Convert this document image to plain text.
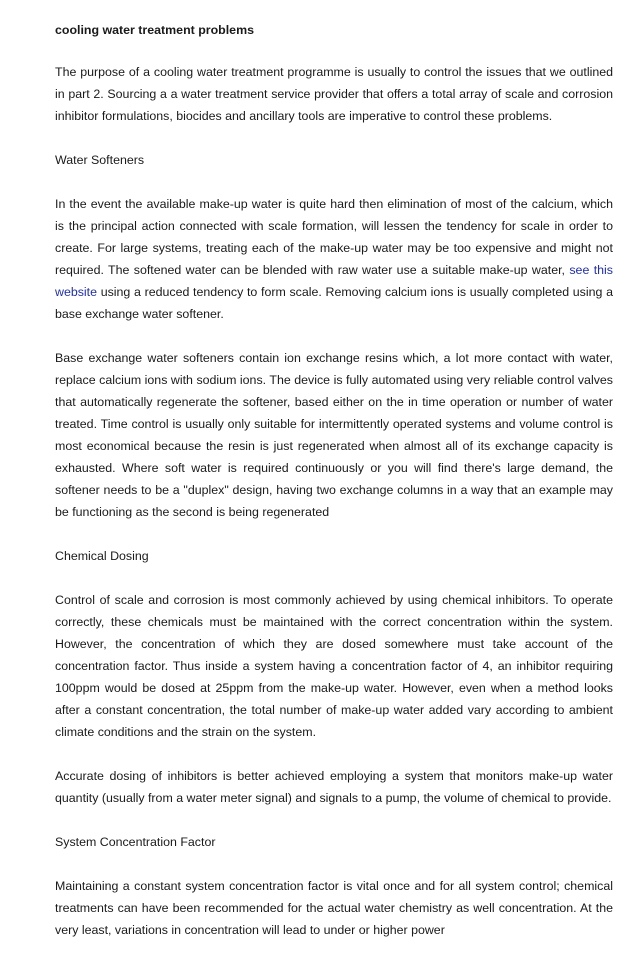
cooling water treatment problems

The purpose of a cooling water treatment programme is usually to control the issues that we outlined in part 2. Sourcing a a water treatment service provider that offers a total array of scale and corrosion inhibitor formulations, biocides and ancillary tools are imperative to control these problems.

Water Softeners

In the event the available make-up water is quite hard then elimination of most of the calcium, which is the principal action connected with scale formation, will lessen the tendency for scale in order to create. For large systems, treating each of the make-up water may be too expensive and might not required. The softened water can be blended with raw water use a suitable make-up water, see this website using a reduced tendency to form scale. Removing calcium ions is usually completed using a base exchange water softener.

Base exchange water softeners contain ion exchange resins which, a lot more contact with water, replace calcium ions with sodium ions. The device is fully automated using very reliable control valves that automatically regenerate the softener, based either on the in time operation or number of water treated. Time control is usually only suitable for intermittently operated systems and volume control is most economical because the resin is just regenerated when almost all of its exchange capacity is exhausted. Where soft water is required continuously or you will find there's large demand, the softener needs to be a "duplex" design, having two exchange columns in a way that an example may be functioning as the second is being regenerated

Chemical Dosing

Control of scale and corrosion is most commonly achieved by using chemical inhibitors. To operate correctly, these chemicals must be maintained with the correct concentration within the system. However, the concentration of which they are dosed somewhere must take account of the concentration factor. Thus inside a system having a concentration factor of 4, an inhibitor requiring 100ppm would be dosed at 25ppm from the make-up water. However, even when a method looks after a constant concentration, the total number of make-up water added vary according to ambient climate conditions and the strain on the system.

Accurate dosing of inhibitors is better achieved employing a system that monitors make-up water quantity (usually from a water meter signal) and signals to a pump, the volume of chemical to provide.

System Concentration Factor

Maintaining a constant system concentration factor is vital once and for all system control; chemical treatments can have been recommended for the actual water chemistry as well concentration. At the very least, variations in concentration will lead to under or higher power
